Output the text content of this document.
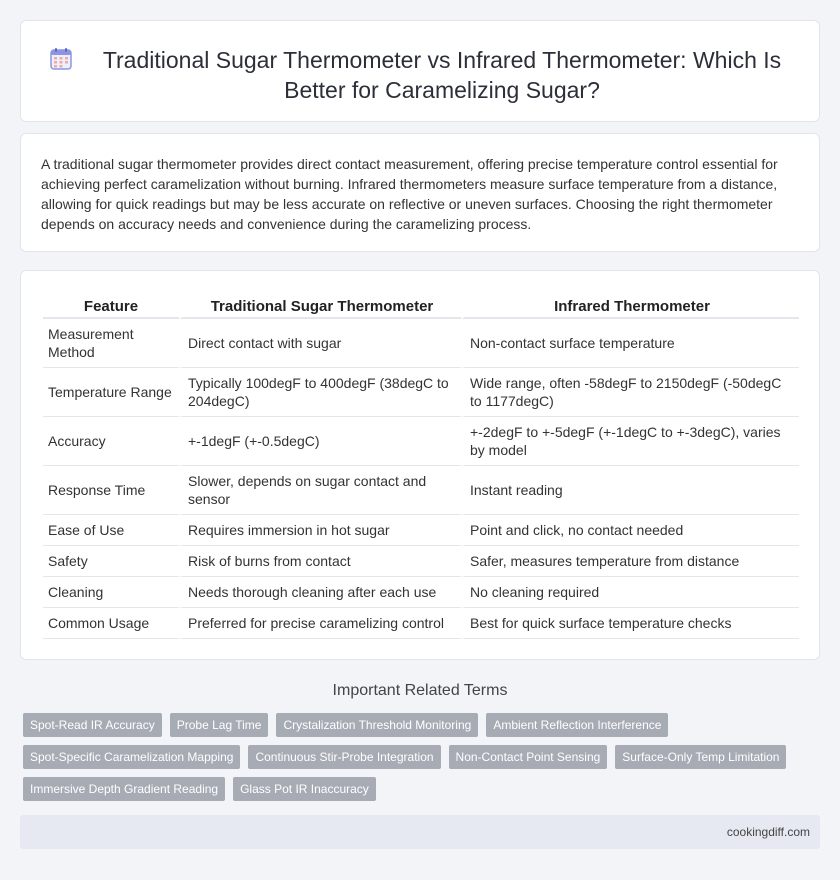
Traditional Sugar Thermometer vs Infrared Thermometer: Which Is Better for Caramelizing Sugar?

A traditional sugar thermometer provides direct contact measurement, offering precise temperature control essential for achieving perfect caramelization without burning. Infrared thermometers measure surface temperature from a distance, allowing for quick readings but may be less accurate on reflective or uneven surfaces. Choosing the right thermometer depends on accuracy needs and convenience during the caramelizing process.

Feature	Traditional Sugar Thermometer	Infrared Thermometer
Measurement Method	Direct contact with sugar	Non-contact surface temperature
Temperature Range	Typically 100degF to 400degF (38degC to 204degC)	Wide range, often -58degF to 2150degF (-50degC to 1177degC)
Accuracy	+-1degF (+-0.5degC)	+-2degF to +-5degF (+-1degC to +-3degC), varies by model
Response Time	Slower, depends on sugar contact and sensor	Instant reading
Ease of Use	Requires immersion in hot sugar	Point and click, no contact needed
Safety	Risk of burns from contact	Safer, measures temperature from distance
Cleaning	Needs thorough cleaning after each use	No cleaning required
Common Usage	Preferred for precise caramelizing control	Best for quick surface temperature checks
Important Related Terms
Spot-Read IR Accuracy	Probe Lag Time	Crystalization Threshold Monitoring	Ambient Reflection Interference
Spot-Specific Caramelization Mapping	Continuous Stir-Probe Integration	Non-Contact Point Sensing	Surface-Only Temp Limitation
Immersive Depth Gradient Reading	Glass Pot IR Inaccuracy
cookingdiff.com
